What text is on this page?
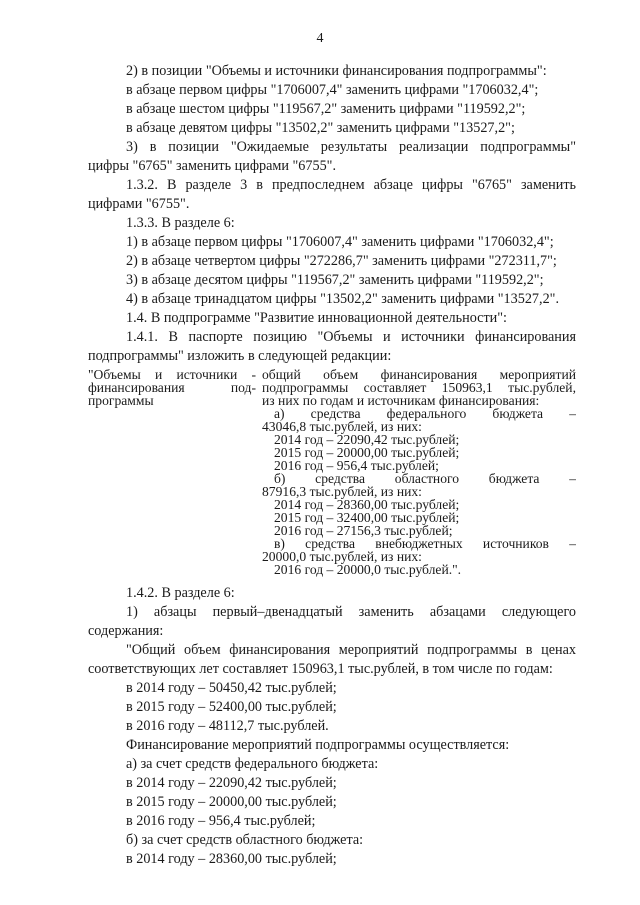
4
2) в позиции "Объемы и источники финансирования подпрограммы":
в абзаце первом цифры "1706007,4" заменить цифрами "1706032,4";
в абзаце шестом цифры "119567,2" заменить цифрами "119592,2";
в абзаце девятом цифры "13502,2" заменить цифрами "13527,2";
3) в позиции "Ожидаемые результаты реализации подпрограммы"
цифры "6765" заменить цифрами "6755".
1.3.2. В разделе 3 в предпоследнем абзаце цифры "6765" заменить
цифрами "6755".
1.3.3. В разделе 6:
1) в абзаце первом цифры "1706007,4" заменить цифрами "1706032,4";
2) в абзаце четвертом цифры "272286,7" заменить цифрами "272311,7";
3) в абзаце десятом цифры "119567,2" заменить цифрами "119592,2";
4) в абзаце тринадцатом цифры "13502,2" заменить цифрами "13527,2".
1.4. В подпрограмме "Развитие инновационной деятельности":
1.4.1. В паспорте позицию "Объемы и источники финансирования
подпрограммы" изложить в следующей редакции:
"Объемы и источники -
финансирования под-
программы
общий объем финансирования мероприятий
подпрограммы составляет 150963,1 тыс.рублей,
из них по годам и источникам финансирования:
а) средства федерального бюджета –
43046,8 тыс.рублей, из них:
2014 год – 22090,42 тыс.рублей;
2015 год – 20000,00 тыс.рублей;
2016 год – 956,4 тыс.рублей;
б) средства областного бюджета –
87916,3 тыс.рублей, из них:
2014 год – 28360,00 тыс.рублей;
2015 год – 32400,00 тыс.рублей;
2016 год – 27156,3 тыс.рублей;
в) средства внебюджетных источников –
20000,0 тыс.рублей, из них:
2016 год – 20000,0 тыс.рублей.".
1.4.2. В разделе 6:
1) абзацы первый–двенадцатый заменить абзацами следующего
содержания:
"Общий объем финансирования мероприятий подпрограммы в ценах
соответствующих лет составляет 150963,1 тыс.рублей, в том числе по годам:
в 2014 году – 50450,42 тыс.рублей;
в 2015 году – 52400,00 тыс.рублей;
в 2016 году – 48112,7 тыс.рублей.
Финансирование мероприятий подпрограммы осуществляется:
а) за счет средств федерального бюджета:
в 2014 году – 22090,42 тыс.рублей;
в 2015 году – 20000,00 тыс.рублей;
в 2016 году – 956,4 тыс.рублей;
б) за счет средств областного бюджета:
в 2014 году – 28360,00 тыс.рублей;
